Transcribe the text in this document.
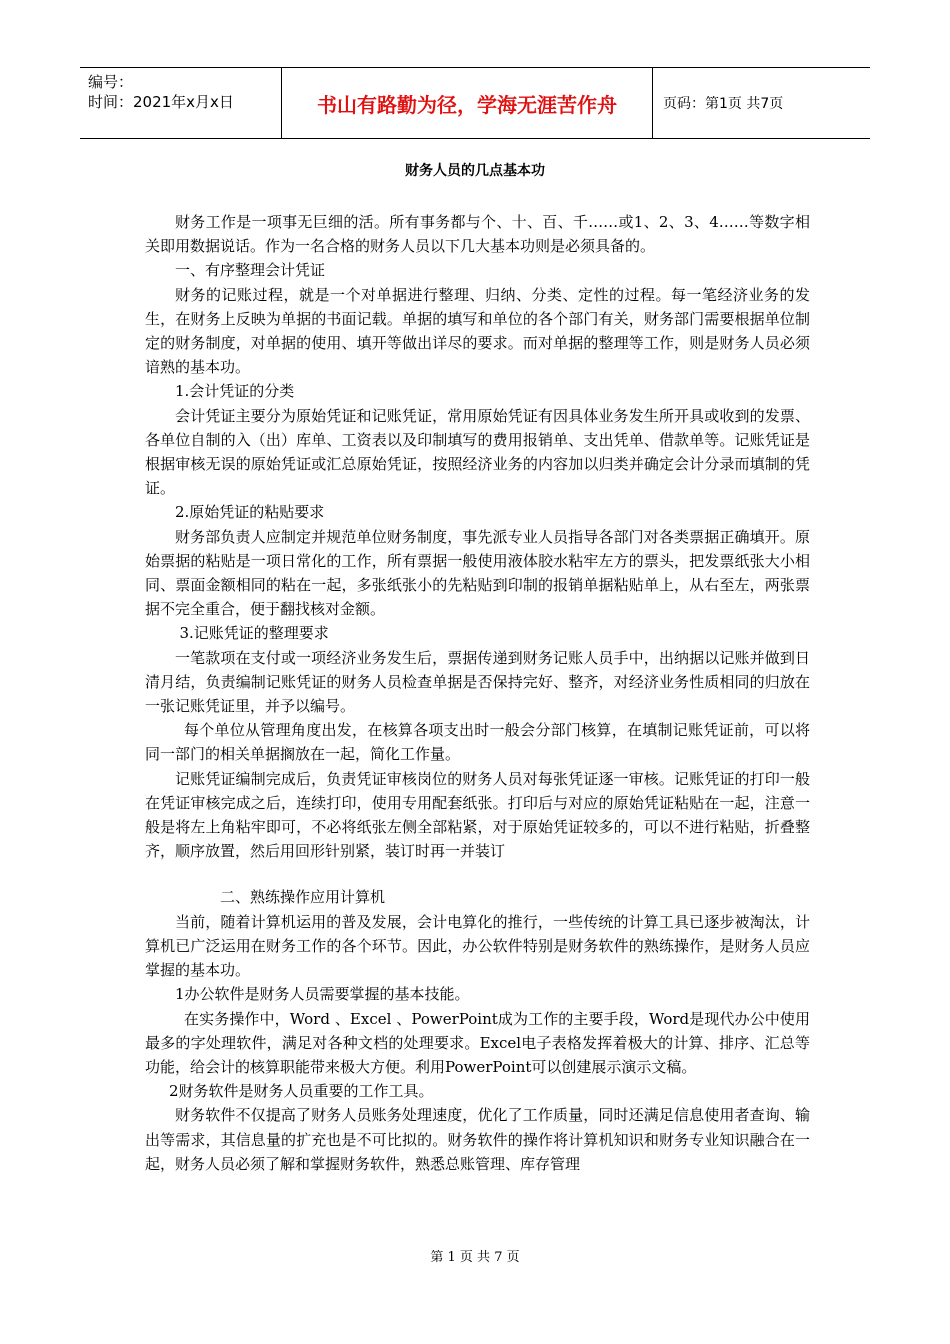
编号：
时间：2021年x月x日	书山有路勤为径，学海无涯苦作舟	页码：第1页 共7页
财务人员的几点基本功

财务工作是一项事无巨细的活。所有事务都与个、十、百、千……或1、2、3、4……等数字相关即用数据说话。作为一名合格的财务人员以下几大基本功则是必须具备的。

一、有序整理会计凭证

财务的记账过程，就是一个对单据进行整理、归纳、分类、定性的过程。每一笔经济业务的发生，在财务上反映为单据的书面记载。单据的填写和单位的各个部门有关，财务部门需要根据单位制定的财务制度，对单据的使用、填开等做出详尽的要求。而对单据的整理等工作，则是财务人员必须谙熟的基本功。

1.会计凭证的分类

会计凭证主要分为原始凭证和记账凭证，常用原始凭证有因具体业务发生所开具或收到的发票、各单位自制的入（出）库单、工资表以及印制填写的费用报销单、支出凭单、借款单等。记账凭证是根据审核无误的原始凭证或汇总原始凭证，按照经济业务的内容加以归类并确定会计分录而填制的凭证。

2.原始凭证的粘贴要求

财务部负责人应制定并规范单位财务制度，事先派专业人员指导各部门对各类票据正确填开。原始票据的粘贴是一项日常化的工作，所有票据一般使用液体胶水粘牢左方的票头，把发票纸张大小相同、票面金额相同的粘在一起，多张纸张小的先粘贴到印制的报销单据粘贴单上，从右至左，两张票据不完全重合，便于翻找核对金额。

3.记账凭证的整理要求

一笔款项在支付或一项经济业务发生后，票据传递到财务记账人员手中，出纳据以记账并做到日清月结，负责编制记账凭证的财务人员检查单据是否保持完好、整齐，对经济业务性质相同的归放在一张记账凭证里，并予以编号。

每个单位从管理角度出发，在核算各项支出时一般会分部门核算，在填制记账凭证前，可以将同一部门的相关单据搁放在一起，简化工作量。

记账凭证编制完成后，负责凭证审核岗位的财务人员对每张凭证逐一审核。记账凭证的打印一般在凭证审核完成之后，连续打印，使用专用配套纸张。打印后与对应的原始凭证粘贴在一起，注意一般是将左上角粘牢即可，不必将纸张左侧全部粘紧，对于原始凭证较多的，可以不进行粘贴，折叠整齐，顺序放置，然后用回形针别紧，装订时再一并装订

二、熟练操作应用计算机

当前，随着计算机运用的普及发展，会计电算化的推行，一些传统的计算工具已逐步被淘汰，计算机已广泛运用在财务工作的各个环节。因此，办公软件特别是财务软件的熟练操作，是财务人员应掌握的基本功。

1办公软件是财务人员需要掌握的基本技能。

在实务操作中，Word 、Excel 、PowerPoint成为工作的主要手段，Word是现代办公中使用最多的字处理软件，满足对各种文档的处理要求。Excel电子表格发挥着极大的计算、排序、汇总等功能，给会计的核算职能带来极大方便。利用PowerPoint可以创建展示演示文稿。

2财务软件是财务人员重要的工作工具。

财务软件不仅提高了财务人员账务处理速度，优化了工作质量，同时还满足信息使用者查询、输出等需求，其信息量的扩充也是不可比拟的。财务软件的操作将计算机知识和财务专业知识融合在一起，财务人员必须了解和掌握财务软件，熟悉总账管理、库存管理

第 1 页 共 7 页
